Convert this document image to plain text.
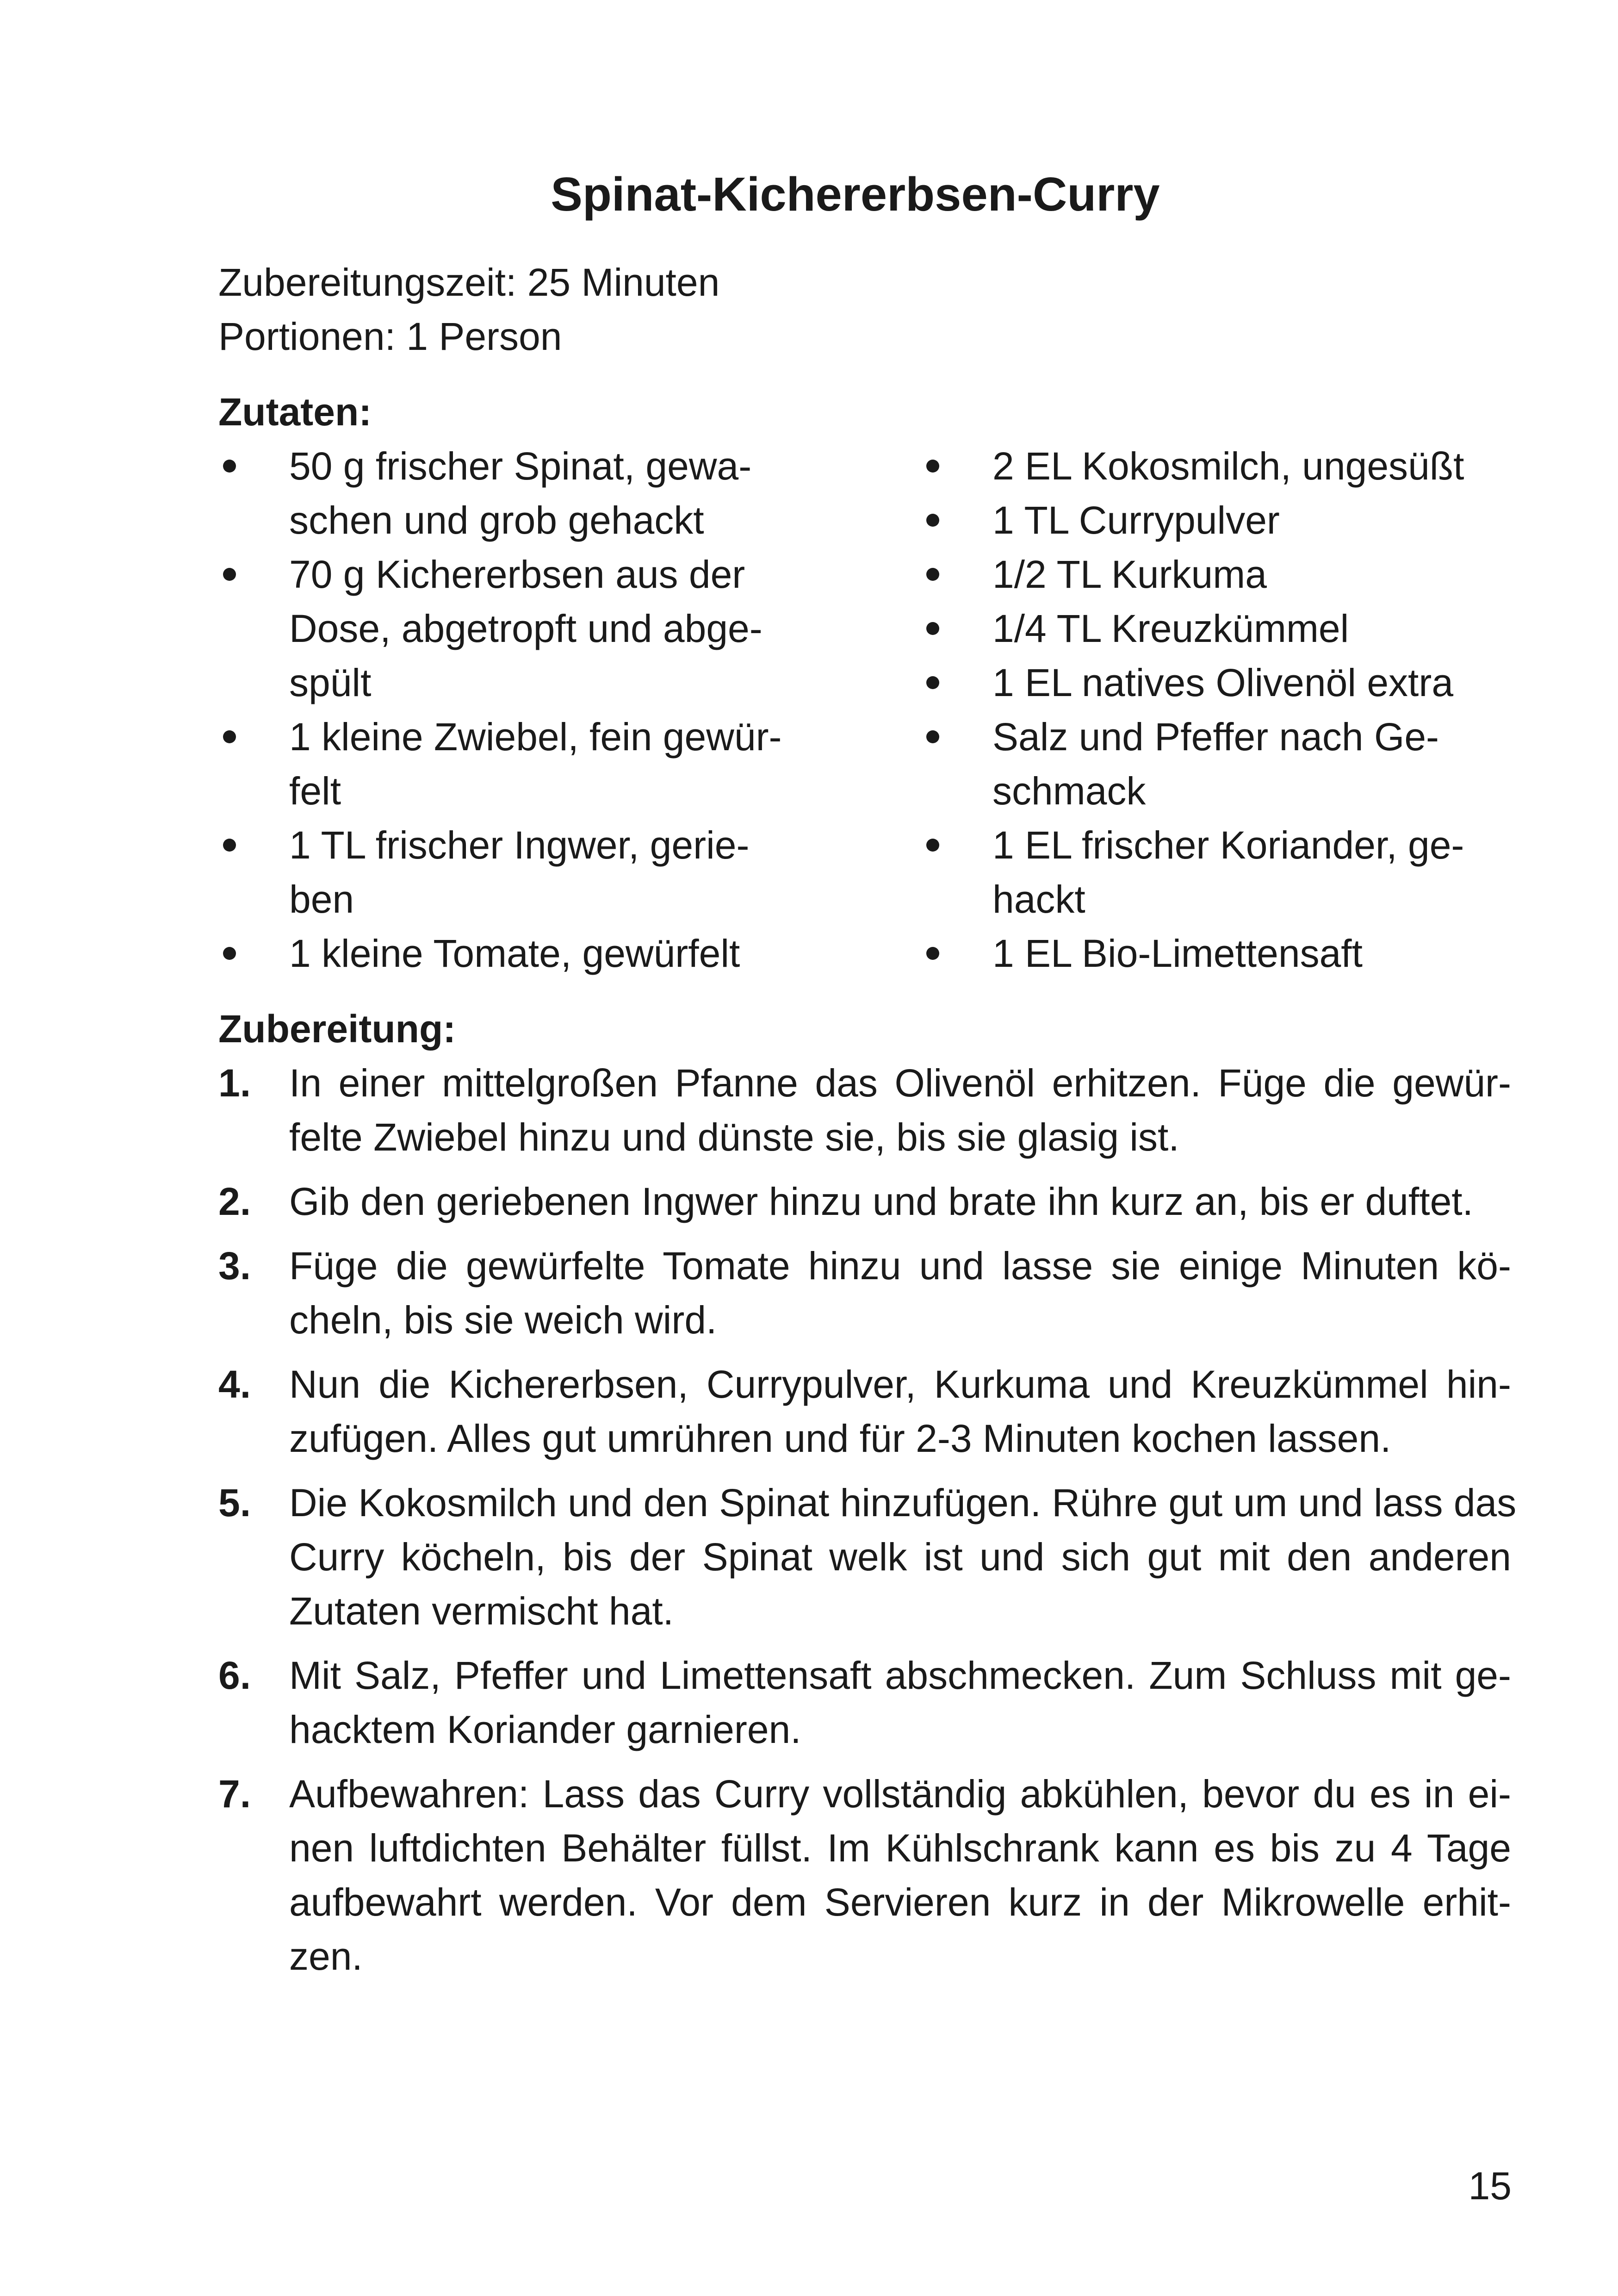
Spinat-Kichererbsen-Curry
Zubereitungszeit: 25 Minuten
Portionen: 1 Person
Zutaten:
50 g frischer Spinat, gewa-
schen und grob gehackt
70 g Kichererbsen aus der
Dose, abgetropft und abge-
spült
1 kleine Zwiebel, fein gewür-
felt
1 TL frischer Ingwer, gerie-
ben
1 kleine Tomate, gewürfelt
2 EL Kokosmilch, ungesüßt
1 TL Currypulver
1/2 TL Kurkuma
1/4 TL Kreuzkümmel
1 EL natives Olivenöl extra
Salz und Pfeffer nach Ge-
schmack
1 EL frischer Koriander, ge-
hackt
1 EL Bio-Limettensaft
Zubereitung:
1. In einer mittelgroßen Pfanne das Olivenöl erhitzen. Füge die gewür-
felte Zwiebel hinzu und dünste sie, bis sie glasig ist.
2. Gib den geriebenen Ingwer hinzu und brate ihn kurz an, bis er duftet.
3. Füge die gewürfelte Tomate hinzu und lasse sie einige Minuten kö-
cheln, bis sie weich wird.
4. Nun die Kichererbsen, Currypulver, Kurkuma und Kreuzkümmel hin-
zufügen. Alles gut umrühren und für 2-3 Minuten kochen lassen.
5. Die Kokosmilch und den Spinat hinzufügen. Rühre gut um und lass das
Curry köcheln, bis der Spinat welk ist und sich gut mit den anderen
Zutaten vermischt hat.
6. Mit Salz, Pfeffer und Limettensaft abschmecken. Zum Schluss mit ge-
hacktem Koriander garnieren.
7. Aufbewahren: Lass das Curry vollständig abkühlen, bevor du es in ei-
nen luftdichten Behälter füllst. Im Kühlschrank kann es bis zu 4 Tage
aufbewahrt werden. Vor dem Servieren kurz in der Mikrowelle erhit-
zen.
15
